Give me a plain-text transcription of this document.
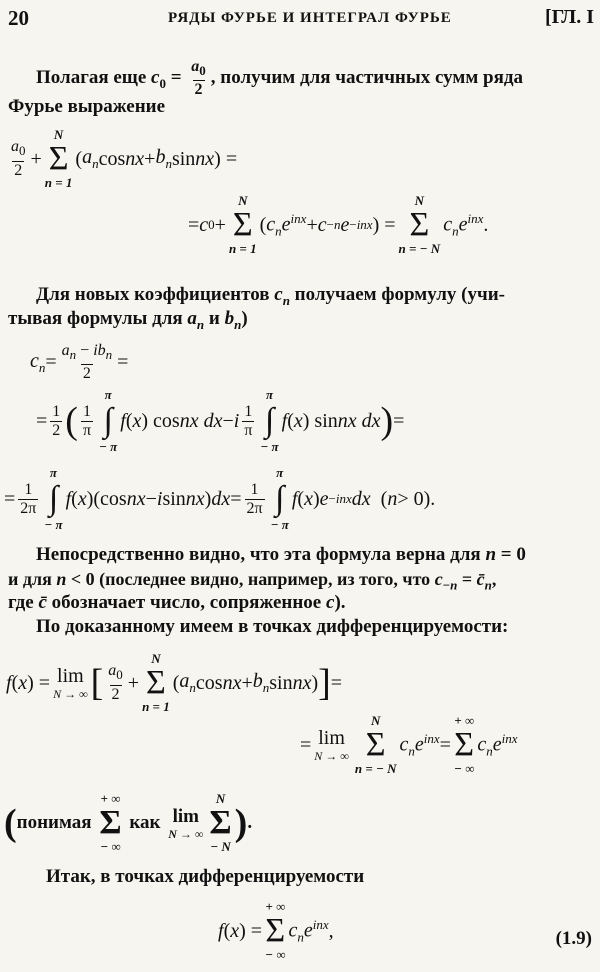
20	РЯДЫ ФУРЬЕ И ИНТЕГРАЛ ФУРЬЕ	[ГЛ. I
Полагая еще $c_0 = \frac{a_0}{2}$ , получим для частичных сумм ряда
Фурье выражение
$\frac{a_0}{2}$ +
N
Σ
n = 1
( $a_n$ cos nx + $b_n$ sin nx ) =
= c 0 +
N
Σ
n = 1
( $c_ne^{inx} + c -n$ e −inx ) =
N
Σ
n = − N
$c_ne^{inx}$ .
Для новых коэффициентов $c_n$ получаем формулу (учи-
тывая формулы для $a_n$ и $b_n$)
$c_n = \frac{a_n - ib_n}{2}$ =
= $\frac{1}{2}$ ( $\frac{1}{\pi}$
π
∫
− π
f ( x ) cos nx dx − i $\frac{1}{\pi}$
π
∫
− π
f ( x ) sin nx dx ) =
= $\frac{1}{2\pi}$
π
∫
− π
f ( x )(cos nx − i sin nx ) dx = $\frac{1}{2\pi}$
π
∫
− π
f ( x ) e −inx dx ( n > 0).
Непосредственно видно, что эта формула верна для n = 0
и для n < 0 (последнее видно, например, из того, что $c_{-n}$ = $c̄_n$,
где c̄ обозначает число, сопряженное c).
По доказанному имеем в точках дифференцируемости:
f ( x ) = lim
N → ∞ [ $\frac{a_0}{2}$ +
N
Σ
n = 1
( $a_n$ cos nx + $b_n$ sin nx ) ] =
= lim
N → ∞
N
Σ
n = − N
$c_ne^{inx}$ =
+ ∞
Σ
− ∞
$c_ne^{inx}$
( понимая

+ ∞
Σ
− ∞

как
lim
N → ∞
N
Σ
− N
) .
Итак, в точках дифференцируемости
f ( x ) =
+ ∞
Σ
− ∞
$c_ne^{inx}$ ,	(1.9)
